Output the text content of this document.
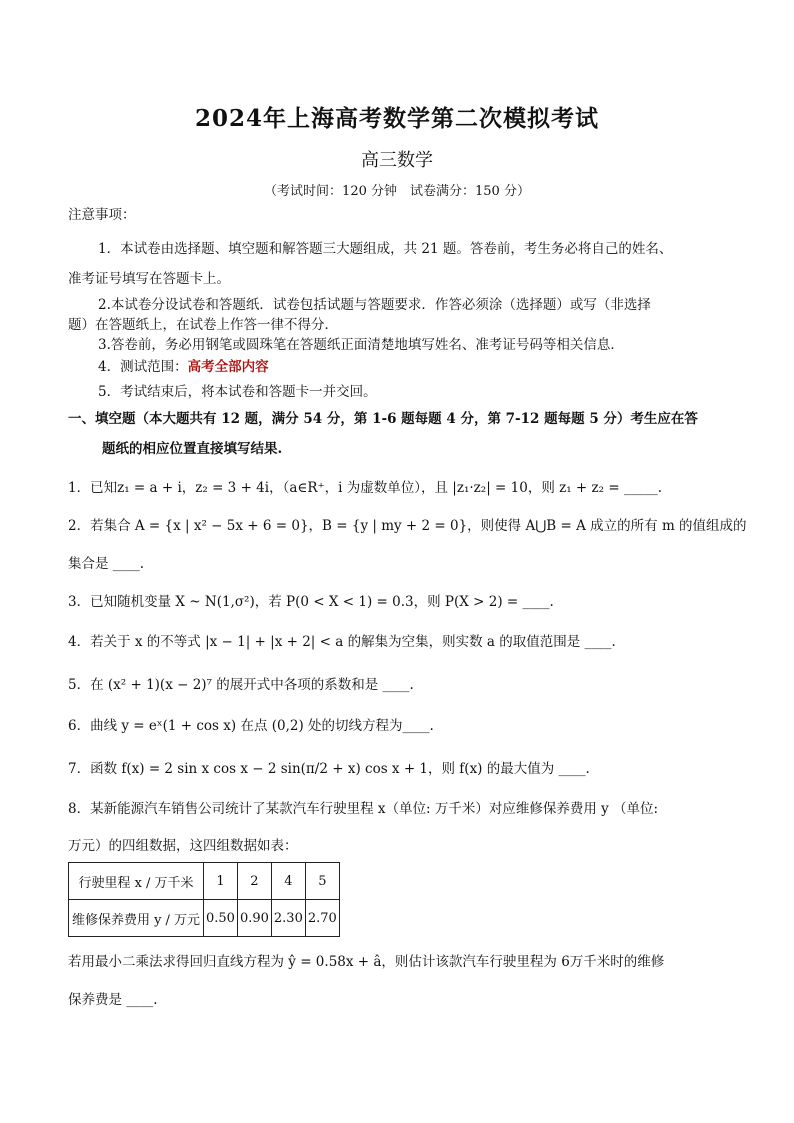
2024年上海高考数学第二次模拟考试
高三数学
（考试时间：120 分钟　试卷满分：150 分）
注意事项：
1．本试卷由选择题、填空题和解答题三大题组成，共 21 题。答卷前，考生务必将自己的姓名、
准考证号填写在答题卡上。
2.本试卷分设试卷和答题纸．试卷包括试题与答题要求．作答必须涂（选择题）或写（非选择
题）在答题纸上，在试卷上作答一律不得分．
3.答卷前，务必用钢笔或圆珠笔在答题纸正面清楚地填写姓名、准考证号码等相关信息．
4．测试范围：高考全部内容
5．考试结束后，将本试卷和答题卡一并交回。
一、填空题（本大题共有 12 题，满分 54 分，第 1-6 题每题 4 分，第 7-12 题每题 5 分）考生应在答
题纸的相应位置直接填写结果.
1．已知z₁ = a + i，z₂ = 3 + 4i，（a∈R⁺，i 为虚数单位），且 |z₁·z₂| = 10，则 z₁ + z₂ = _____.
2．若集合 A = {x | x² − 5x + 6 = 0}，B = {y | my + 2 = 0}，则使得 A⋃B = A 成立的所有 m 的值组成的
集合是 ____.
3．已知随机变量 X ~ N(1,σ²)，若 P(0 < X < 1) = 0.3，则 P(X > 2) = ____.
4．若关于 x 的不等式 |x − 1| + |x + 2| < a 的解集为空集，则实数 a 的取值范围是 ____.
5．在 (x² + 1)(x − 2)⁷ 的展开式中各项的系数和是 ____.
6．曲线 y = eˣ(1 + cos x) 在点 (0,2) 处的切线方程为____.
7．函数 f(x) = 2 sin x cos x − 2 sin(π/2 + x) cos x + 1，则 f(x) 的最大值为 ____.
8．某新能源汽车销售公司统计了某款汽车行驶里程 x（单位: 万千米）对应维修保养费用 y （单位:
万元）的四组数据，这四组数据如表：
行驶里程 x / 万千米	1	2	4	5
维修保养费用 y / 万元	0.50	0.90	2.30	2.70
若用最小二乘法求得回归直线方程为 ŷ = 0.58x + â，则估计该款汽车行驶里程为 6万千米时的维修
保养费是 ____.
